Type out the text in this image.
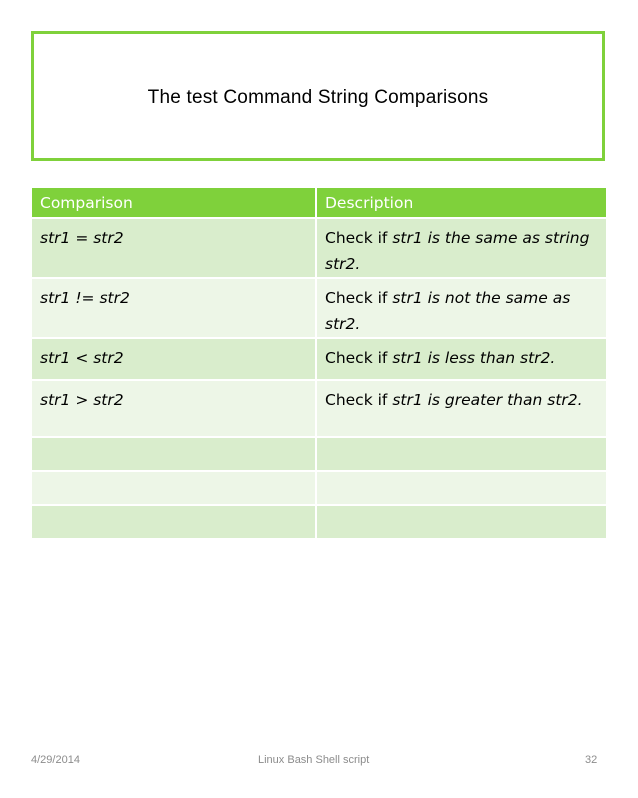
The test Command String Comparisons
Comparison	Description
str1 = str2	Check if str1 is the same as string str2.
str1 != str2	Check if str1 is not the same as str2.
str1 < str2	Check if str1 is less than str2.
str1 > str2	Check if str1 is greater than str2.

4/29/2014	Linux Bash Shell script	32
